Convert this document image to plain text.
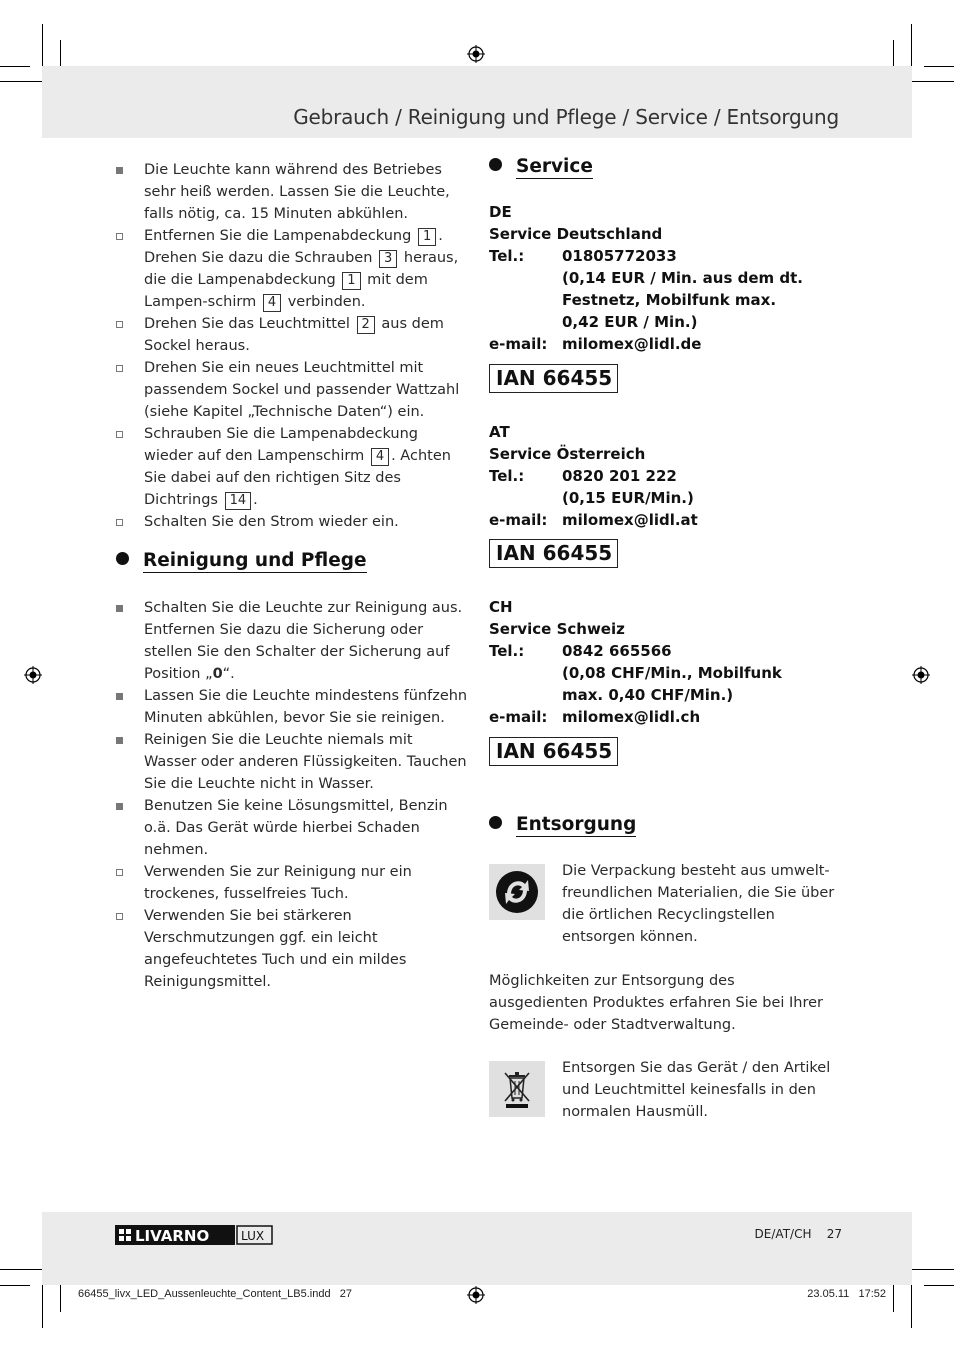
Gebrauch / Reinigung und Pflege / Service / Entsorgung
Die Leuchte kann während des Betriebes sehr heiß werden. Lassen Sie die Leuchte, falls nötig, ca. 15 Minuten abkühlen.
Entfernen Sie die Lampenabdeckung 1 . Drehen Sie dazu die Schrauben 3 heraus, die die Lampenabdeckung 1 mit dem Lampen-schirm 4 verbinden.
Drehen Sie das Leuchtmittel 2 aus dem Sockel heraus.
Drehen Sie ein neues Leuchtmittel mit passendem Sockel und passender Wattzahl (siehe Kapitel „Technische Daten“) ein.
Schrauben Sie die Lampenabdeckung wieder auf den Lampenschirm 4 . Achten Sie dabei auf den richtigen Sitz des Dichtrings 14 .
Schalten Sie den Strom wieder ein.
Reinigung und Pflege
Schalten Sie die Leuchte zur Reinigung aus. Entfernen Sie dazu die Sicherung oder stellen Sie den Schalter der Sicherung auf Position „0“.
Lassen Sie die Leuchte mindestens fünfzehn Minuten abkühlen, bevor Sie sie reinigen.
Reinigen Sie die Leuchte niemals mit Wasser oder anderen Flüssigkeiten. Tauchen Sie die Leuchte nicht in Wasser.
Benutzen Sie keine Lösungsmittel, Benzin o.ä. Das Gerät würde hierbei Schaden nehmen.
Verwenden Sie zur Reinigung nur ein trockenes, fusselfreies Tuch.
Verwenden Sie bei stärkeren Verschmutzungen ggf. ein leicht angefeuchtetes Tuch und ein mildes Reinigungsmittel.
Service
DE
Service Deutschland
Tel.:	01805772033
(0,14 EUR / Min. aus dem dt.
Festnetz, Mobilfunk max.
0,42 EUR / Min.)
e-mail: milomex@lidl.de
IAN 66455
AT
Service Österreich
Tel.:	0820 201 222
(0,15 EUR/Min.)
e-mail: milomex@lidl.at
IAN 66455
CH
Service Schweiz
Tel.:	0842 665566
(0,08 CHF/Min., Mobilfunk
max. 0,40 CHF/Min.)
e-mail: milomex@lidl.ch
IAN 66455
Entsorgung
Die Verpackung besteht aus umwelt-freundlichen Materialien, die Sie über die örtlichen Recyclingstellen entsorgen können.
Möglichkeiten zur Entsorgung des ausgedienten Produktes erfahren Sie bei Ihrer Gemeinde- oder Stadtverwaltung.
Entsorgen Sie das Gerät / den Artikel und Leuchtmittel keinesfalls in den normalen Hausmüll.
LIVARNO	LUX	DE/AT/CH    27
66455_livx_LED_Aussenleuchte_Content_LB5.indd   27	23.05.11   17:52
